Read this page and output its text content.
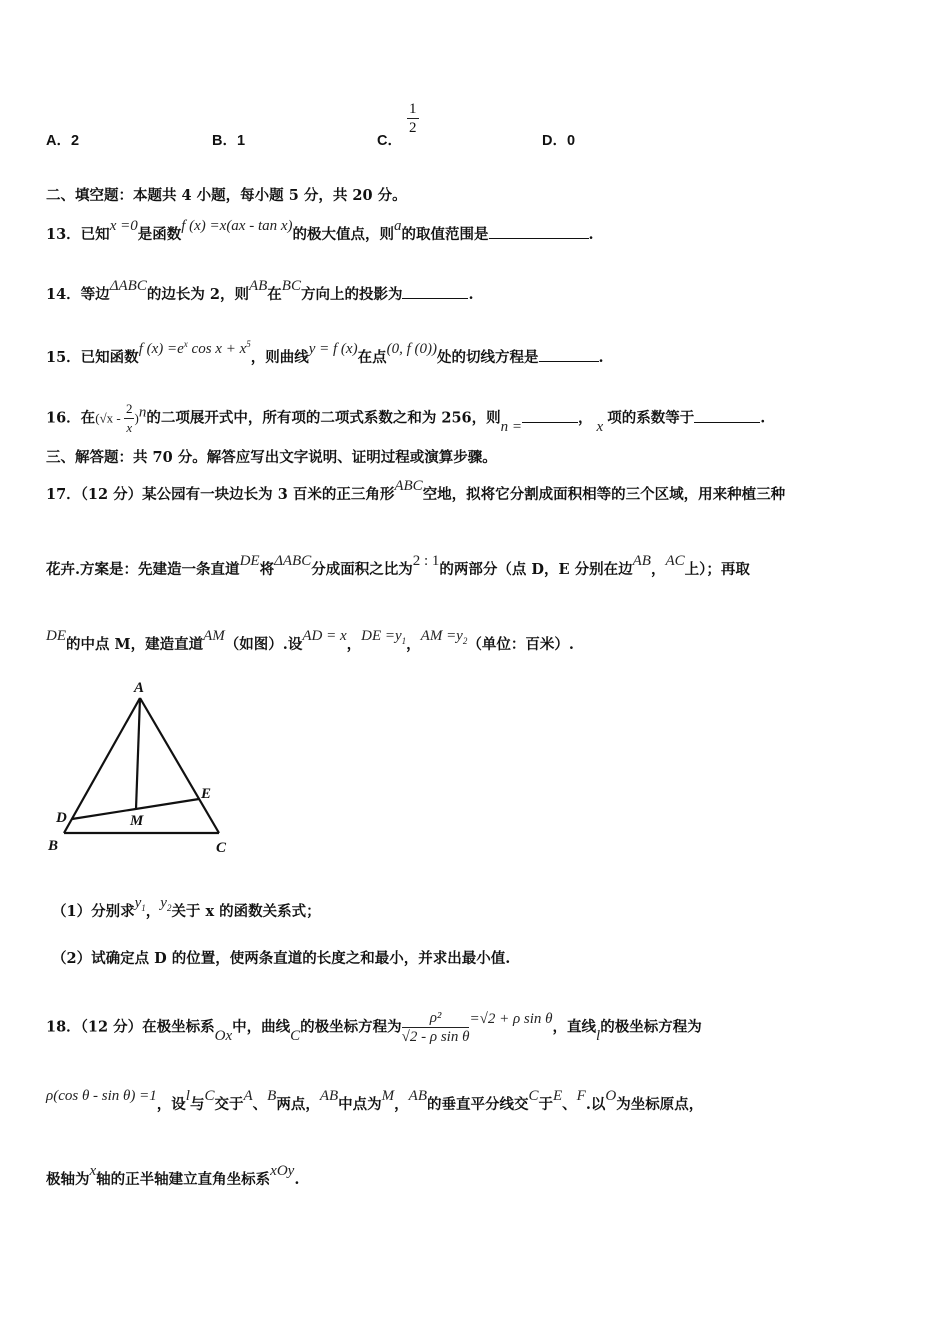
A．2	B．1	C．
$\frac{1}{2}$
D．0
二、填空题：本题共 4 小题，每小题 5 分，共 20 分。
13．已知x =0是函数f (x) =x(ax - tan x)的极大值点，则a的取值范围是	.
14．等边ΔABC的边长为 2，则AB在BC方向上的投影为	.
15．已知函数f $(x) =e^x$ $\cos x + x^5$，则曲线y = f (x)在点(0, f (0))处的切线方程是	.
16．在$(√x - \frac{2}{x} )^n$的二项展开式中，所有项的二项式系数之和为 256，则n =	， x 项的系数等于	.
三、解答题：共 70 分。解答应写出文字说明、证明过程或演算步骤。
17．（12 分）某公园有一块边长为 3 百米的正三角形ABC空地，拟将它分割成面积相等的三个区域，用来种植三种
花卉.方案是：先建造一条直道DE将ΔABC分成面积之比为2 : 1的两部分（点 D，E 分别在边AB，AC上）；再取
DE的中点 M，建造直道AM（如图）.设AD = x，DE $=y_1$，AM $=y_2$（单位：百米）.
A
B	C
D
E
M
（1）分别求$y_1$，$y_2$关于 x 的函数关系式；
（2）试确定点 D 的位置，使两条直道的长度之和最小，并求出最小值.
18．（12 分）在极坐标系Ox中，曲线C的极坐标方程为 $\frac{\text{ρ²}}{\text{√2 - ρ sin θ}} =√2 + \rho$ sin θ，直线l的极坐标方程为
ρ(cos θ - sin θ) =1，设l与C交于A、B两点，AB中点为M，AB的垂直平分线交C于E、F.以O为坐标原点，
极轴为x轴的正半轴建立直角坐标系xOy.
